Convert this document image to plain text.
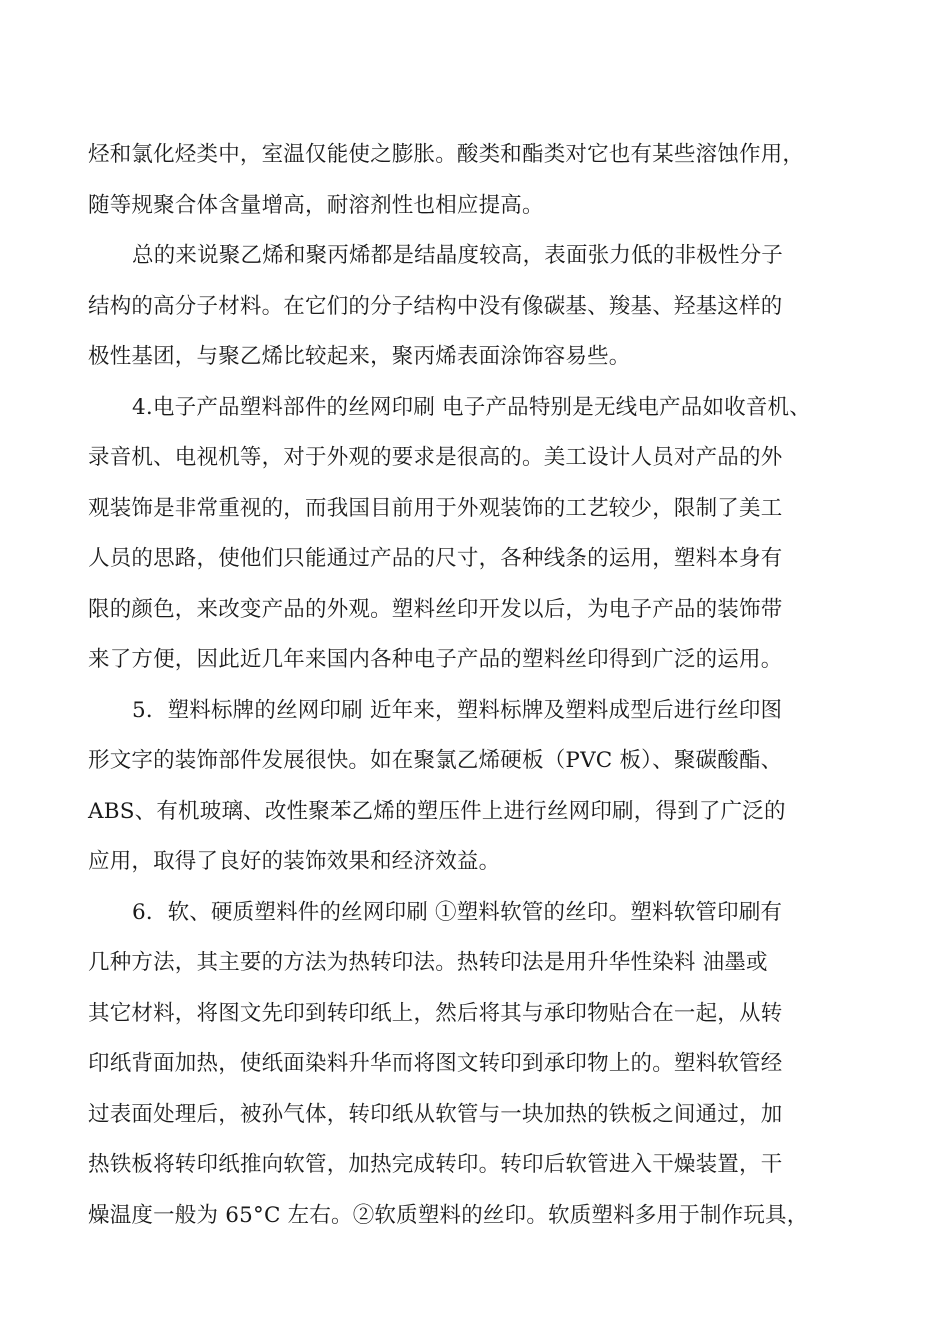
烃和氯化烃类中，室温仅能使之膨胀。酸类和酯类对它也有某些溶蚀作用，
随等规聚合体含量增高，耐溶剂性也相应提高。
总的来说聚乙烯和聚丙烯都是结晶度较高，表面张力低的非极性分子
结构的高分子材料。在它们的分子结构中没有像碳基、羧基、羟基这样的
极性基团，与聚乙烯比较起来，聚丙烯表面涂饰容易些。
4.电子产品塑料部件的丝网印刷 电子产品特别是无线电产品如收音机、
录音机、电视机等，对于外观的要求是很高的。美工设计人员对产品的外
观装饰是非常重视的，而我国目前用于外观装饰的工艺较少，限制了美工
人员的思路，使他们只能通过产品的尺寸，各种线条的运用，塑料本身有
限的颜色，来改变产品的外观。塑料丝印开发以后，为电子产品的装饰带
来了方便，因此近几年来国内各种电子产品的塑料丝印得到广泛的运用。
5．塑料标牌的丝网印刷 近年来，塑料标牌及塑料成型后进行丝印图
形文字的装饰部件发展很快。如在聚氯乙烯硬板（PVC 板）、聚碳酸酯、
ABS、有机玻璃、改性聚苯乙烯的塑压件上进行丝网印刷，得到了广泛的
应用，取得了良好的装饰效果和经济效益。
6．软、硬质塑料件的丝网印刷 ①塑料软管的丝印。塑料软管印刷有
几种方法，其主要的方法为热转印法。热转印法是用升华性染料 油墨或
其它材料，将图文先印到转印纸上，然后将其与承印物贴合在一起，从转
印纸背面加热，使纸面染料升华而将图文转印到承印物上的。塑料软管经
过表面处理后，被孙气体，转印纸从软管与一块加热的铁板之间通过，加
热铁板将转印纸推向软管，加热完成转印。转印后软管进入干燥装置，干
燥温度一般为 65°C 左右。②软质塑料的丝印。软质塑料多用于制作玩具，
